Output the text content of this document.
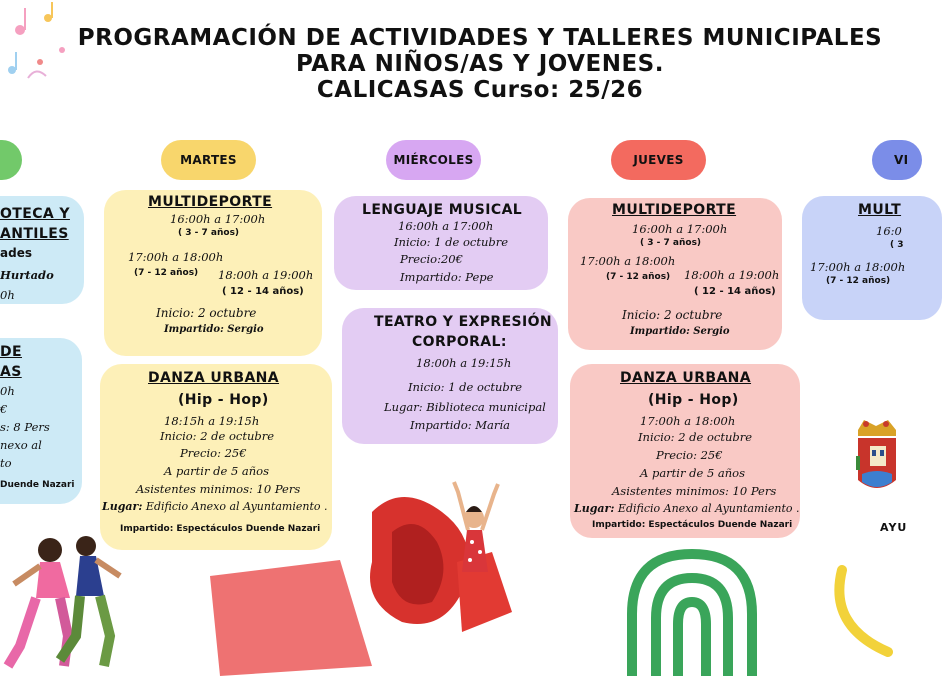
PROGRAMACIÓN DE ACTIVIDADES Y TALLERES MUNICIPALES
PARA NIÑOS/AS Y JOVENES.
CALICASAS Curso: 25/26
MARTES	MIÉRCOLES	JUEVES	VI
OTECA Y
ANTILES
ades
Hurtado
0h
DE
AS
0h
€
s: 8 Pers
nexo al
to
Duende Nazari
MULTIDEPORTE
16:00h a 17:00h
( 3 - 7 años)
17:00h a 18:00h
(7 - 12 años) 18:00h a 19:00h
( 12 - 14 años)
Inicio: 2 octubre
Impartido: Sergio
DANZA URBANA
(Hip - Hop)
18:15h a 19:15h
Inicio: 2 de octubre
Precio: 25€
A partir de 5 años
Asistentes minimos: 10 Pers
Lugar: Edificio Anexo al Ayuntamiento .
Impartido: Espectáculos Duende Nazari
LENGUAJE MUSICAL
16:00h a 17:00h
Inicio: 1 de octubre
Precio:20€
Impartido: Pepe
TEATRO Y EXPRESIÓN
CORPORAL:
18:00h a 19:15h
Inicio: 1 de octubre
Lugar: Biblioteca municipal
Impartido: María
MULTIDEPORTE
16:00h a 17:00h
( 3 - 7 años)
17:00h a 18:00h
(7 - 12 años) 18:00h a 19:00h
( 12 - 14 años)
Inicio: 2 octubre
Impartido: Sergio
DANZA URBANA
(Hip - Hop)
17:00h a 18:00h
Inicio: 2 de octubre
Precio: 25€
A partir de 5 años
Asistentes minimos: 10 Pers
Lugar: Edificio Anexo al Ayuntamiento .
Impartido: Espectáculos Duende Nazari
MULT
16:0
( 3
17:00h a 18:00h
(7 - 12 años)
AYU
